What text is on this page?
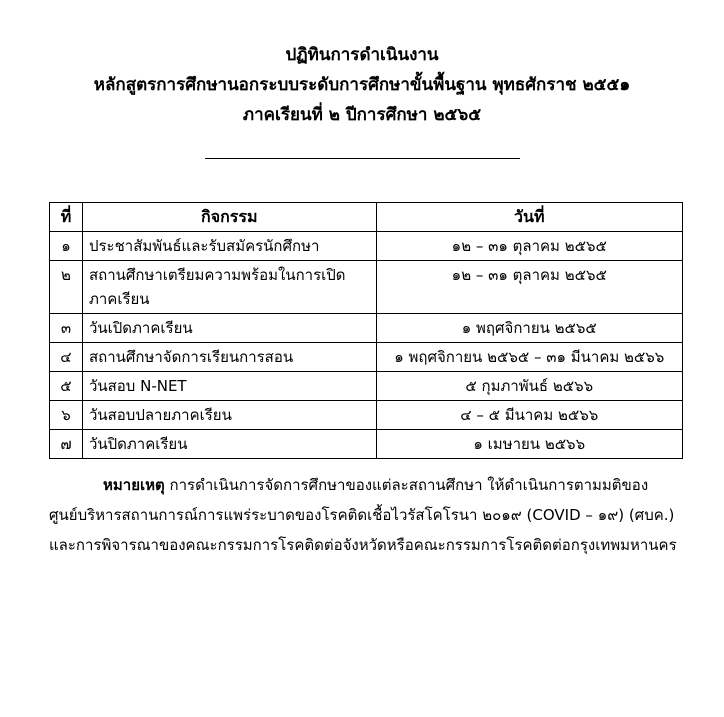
ปฏิทินการดำเนินงาน
หลักสูตรการศึกษานอกระบบระดับการศึกษาขั้นพื้นฐาน พุทธศักราช ๒๕๕๑
ภาคเรียนที่ ๒ ปีการศึกษา ๒๕๖๕
ที่	กิจกรรม	วันที่
๑	ประชาสัมพันธ์และรับสมัครนักศึกษา	๑๒ – ๓๑ ตุลาคม ๒๕๖๕
๒	สถานศึกษาเตรียมความพร้อมในการเปิดภาคเรียน	๑๒ – ๓๑ ตุลาคม ๒๕๖๕
๓	วันเปิดภาคเรียน	๑ พฤศจิกายน ๒๕๖๕
๔	สถานศึกษาจัดการเรียนการสอน	๑ พฤศจิกายน ๒๕๖๕ – ๓๑ มีนาคม ๒๕๖๖
๕	วันสอบ N-NET	๕ กุมภาพันธ์ ๒๕๖๖
๖	วันสอบปลายภาคเรียน	๔ – ๕ มีนาคม ๒๕๖๖
๗	วันปิดภาคเรียน	๑ เมษายน ๒๕๖๖
หมายเหตุ การดำเนินการจัดการศึกษาของแต่ละสถานศึกษา ให้ดำเนินการตามมติของ
ศูนย์บริหารสถานการณ์การแพร่ระบาดของโรคติดเชื้อไวรัสโคโรนา ๒๐๑๙ (COVID – ๑๙) (ศบค.)
และการพิจารณาของคณะกรรมการโรคติดต่อจังหวัดหรือคณะกรรมการโรคติดต่อกรุงเทพมหานคร
